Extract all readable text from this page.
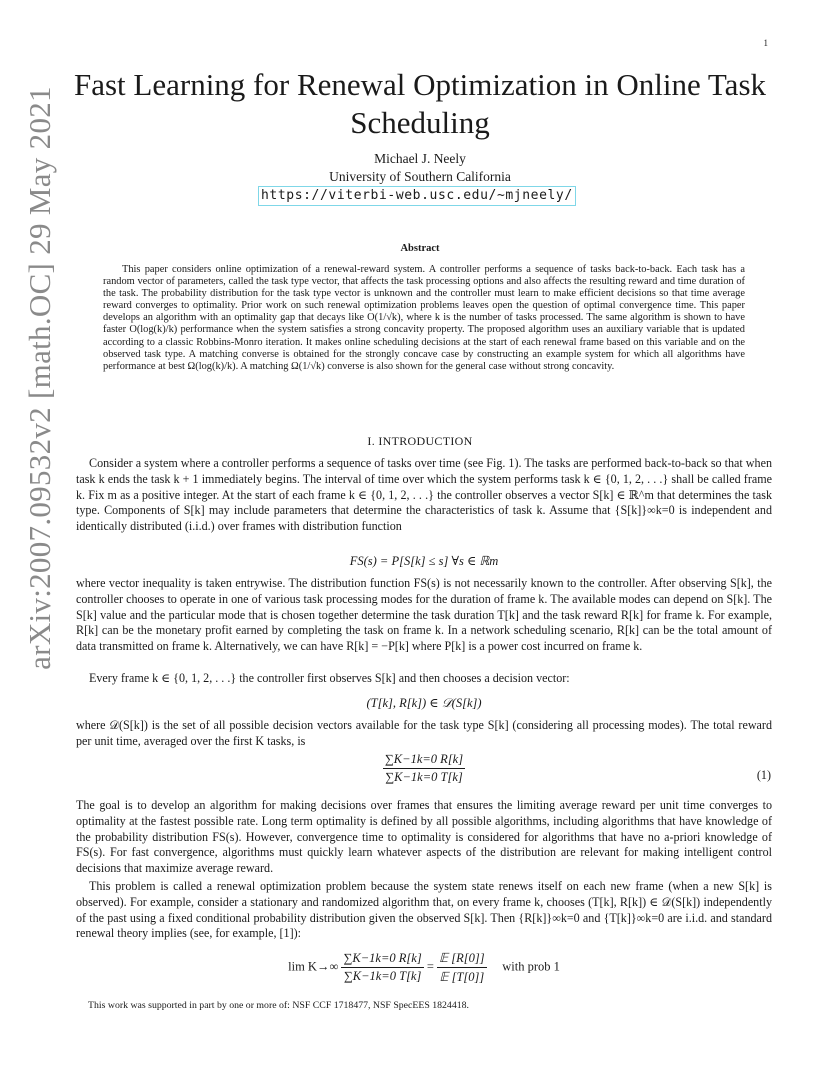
1
arXiv:2007.09532v2 [math.OC] 29 May 2021
Fast Learning for Renewal Optimization in Online Task Scheduling
Michael J. Neely
University of Southern California
https://viterbi-web.usc.edu/~mjneely/
Abstract

This paper considers online optimization of a renewal-reward system. A controller performs a sequence of tasks back-to-back. Each task has a random vector of parameters, called the task type vector, that affects the task processing options and also affects the resulting reward and time duration of the task. The probability distribution for the task type vector is unknown and the controller must learn to make efficient decisions so that time average reward converges to optimality. Prior work on such renewal optimization problems leaves open the question of optimal convergence time. This paper develops an algorithm with an optimality gap that decays like O(1/√k), where k is the number of tasks processed. The same algorithm is shown to have faster O(log(k)/k) performance when the system satisfies a strong concavity property. The proposed algorithm uses an auxiliary variable that is updated according to a classic Robbins-Monro iteration. It makes online scheduling decisions at the start of each renewal frame based on this variable and on the observed task type. A matching converse is obtained for the strongly concave case by constructing an example system for which all algorithms have performance at best Ω(log(k)/k). A matching Ω(1/√k) converse is also shown for the general case without strong concavity.

I. INTRODUCTION

Consider a system where a controller performs a sequence of tasks over time (see Fig. 1). The tasks are performed back-to-back so that when task k ends the task k + 1 immediately begins. The interval of time over which the system performs task k ∈ {0, 1, 2, . . .} shall be called frame k. Fix m as a positive integer. At the start of each frame k ∈ {0, 1, 2, . . .} the controller observes a vector S[k] ∈ ℝ^m that determines the task type. Components of S[k] may include parameters that determine the characteristics of task k. Assume that {S[k]}∞k=0 is independent and identically distributed (i.i.d.) over frames with distribution function

FS(s) = P[S[k] ≤ s] ∀s ∈ ℝm

where vector inequality is taken entrywise. The distribution function FS(s) is not necessarily known to the controller. After observing S[k], the controller chooses to operate in one of various task processing modes for the duration of frame k. The available modes can depend on S[k]. The S[k] value and the particular mode that is chosen together determine the task duration T[k] and the task reward R[k] for frame k. For example, R[k] can be the monetary profit earned by completing the task on frame k. In a network scheduling scenario, R[k] can be the total amount of data transmitted on frame k. Alternatively, we can have R[k] = −P[k] where P[k] is a power cost incurred on frame k.

Every frame k ∈ {0, 1, 2, . . .} the controller first observes S[k] and then chooses a decision vector:

(T[k], R[k]) ∈ 𝒟(S[k])

where 𝒟(S[k]) is the set of all possible decision vectors available for the task type S[k] (considering all processing modes). The total reward per unit time, averaged over the first K tasks, is

$\frac{\sum K-1k=0 R[k]}{\sum K-1k=0 T[k]}$	(1)

The goal is to develop an algorithm for making decisions over frames that ensures the limiting average reward per unit time converges to optimality at the fastest possible rate. Long term optimality is defined by all possible algorithms, including algorithms that have knowledge of the probability distribution FS(s). However, convergence time to optimality is considered for algorithms that have no a-priori knowledge of FS(s). For fast convergence, algorithms must quickly learn whatever aspects of the distribution are relevant for making intelligent control decisions that maximize average reward.

This problem is called a renewal optimization problem because the system state renews itself on each new frame (when a new S[k] is observed). For example, consider a stationary and randomized algorithm that, on every frame k, chooses (T[k], R[k]) ∈ 𝒟(S[k]) independently of the past using a fixed conditional probability distribution given the observed S[k]. Then {R[k]}∞k=0 and {T[k]}∞k=0 are i.i.d. and standard renewal theory implies (see, for example, [1]):

$\lim K\to\infty \frac{\sum K-1k=0 R[k]}{\sum K-1k=0 T[k]} = \frac{\text{𝔼 [R[0]]}}{\text{𝔼 [T[0]]}}$ with prob 1
This work was supported in part by one or more of: NSF CCF 1718477, NSF SpecEES 1824418.
